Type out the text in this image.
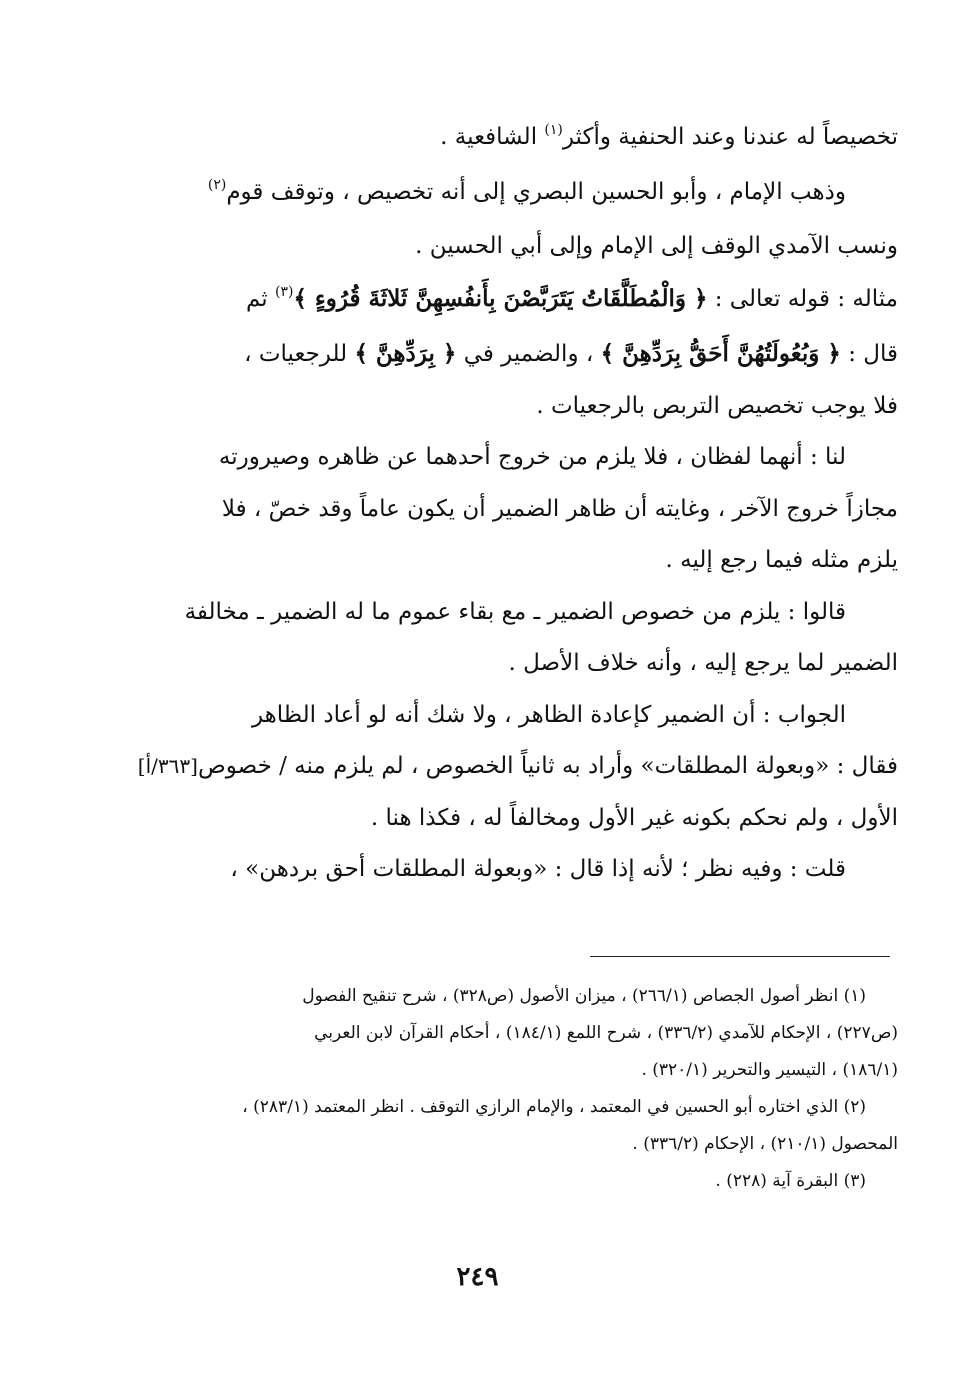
تخصيصاً له عندنا وعند الحنفية وأكثر$^{(١)}$ الشافعية .
وذهب الإمام ، وأبو الحسين البصري إلى أنه تخصيص ، وتوقف قوم$^{(٢)}$
ونسب الآمدي الوقف إلى الإمام وإلى أبي الحسين .
مثاله : قوله تعالى : ﴿ وَالْمُطَلَّقَاتُ يَتَرَبَّصْنَ بِأَنفُسِهِنَّ ثَلاثَةَ قُرُوءٍ ﴾$^{(٣)}$ ثم
قال : ﴿ وَبُعُولَتُهُنَّ أَحَقُّ بِرَدِّهِنَّ ﴾ ، والضمير في ﴿ بِرَدِّهِنَّ ﴾ للرجعيات ،
فلا يوجب تخصيص التربص بالرجعيات .
لنا : أنهما لفظان ، فلا يلزم من خروج أحدهما عن ظاهره وصيرورته
مجازاً خروج الآخر ، وغايته أن ظاهر الضمير أن يكون عاماً وقد خصّ ، فلا
يلزم مثله فيما رجع إليه .
قالوا : يلزم من خصوص الضمير ـ مع بقاء عموم ما له الضمير ـ مخالفة
الضمير لما يرجع إليه ، وأنه خلاف الأصل .
الجواب : أن الضمير كإعادة الظاهر ، ولا شك أنه لو أعاد الظاهر
فقال : «وبعولة المطلقات» وأراد به ثانياً الخصوص ، لم يلزم منه / خصوص[٣٦٣/أ]
الأول ، ولم نحكم بكونه غير الأول ومخالفاً له ، فكذا هنا .
قلت : وفيه نظر ؛ لأنه إذا قال : «وبعولة المطلقات أحق بردهن» ،
(١) انظر أصول الجصاص (٢٦٦/١) ، ميزان الأصول (ص٣٢٨) ، شرح تنقيح الفصول
(ص٢٢٧) ، الإحكام للآمدي (٣٣٦/٢) ، شرح اللمع (١٨٤/١) ، أحكام القرآن لابن العربي
(١٨٦/١) ، التيسير والتحرير (٣٢٠/١) .
(٢) الذي اختاره أبو الحسين في المعتمد ، والإمام الرازي التوقف . انظر المعتمد (٢٨٣/١) ،
المحصول (٢١٠/١) ، الإحكام (٣٣٦/٢) .
(٣) البقرة آية (٢٢٨) .
٢٤٩
